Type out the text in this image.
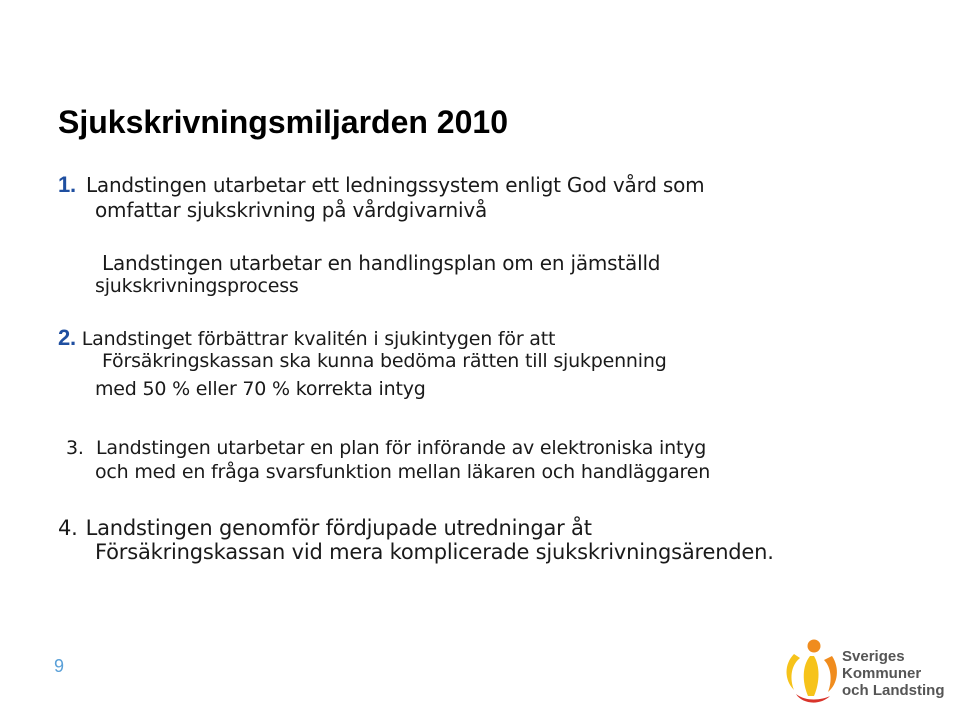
Sjukskrivningsmiljarden 2010
1. Landstingen utarbetar ett ledningssystem enligt God vård som
omfattar sjukskrivning på vårdgivarnivå
Landstingen utarbetar en handlingsplan om en jämställd
sjukskrivningsprocess
2. Landstinget förbättrar kvalitén i sjukintygen för att
Försäkringskassan ska kunna bedöma rätten till sjukpenning
med 50 % eller 70 % korrekta intyg
3. Landstingen utarbetar en plan för införande av elektroniska intyg
och med en fråga svarsfunktion mellan läkaren och handläggaren
4. Landstingen genomför fördjupade utredningar åt
Försäkringskassan vid mera komplicerade sjukskrivningsärenden.
9	Sveriges
Kommuner
och Landsting
